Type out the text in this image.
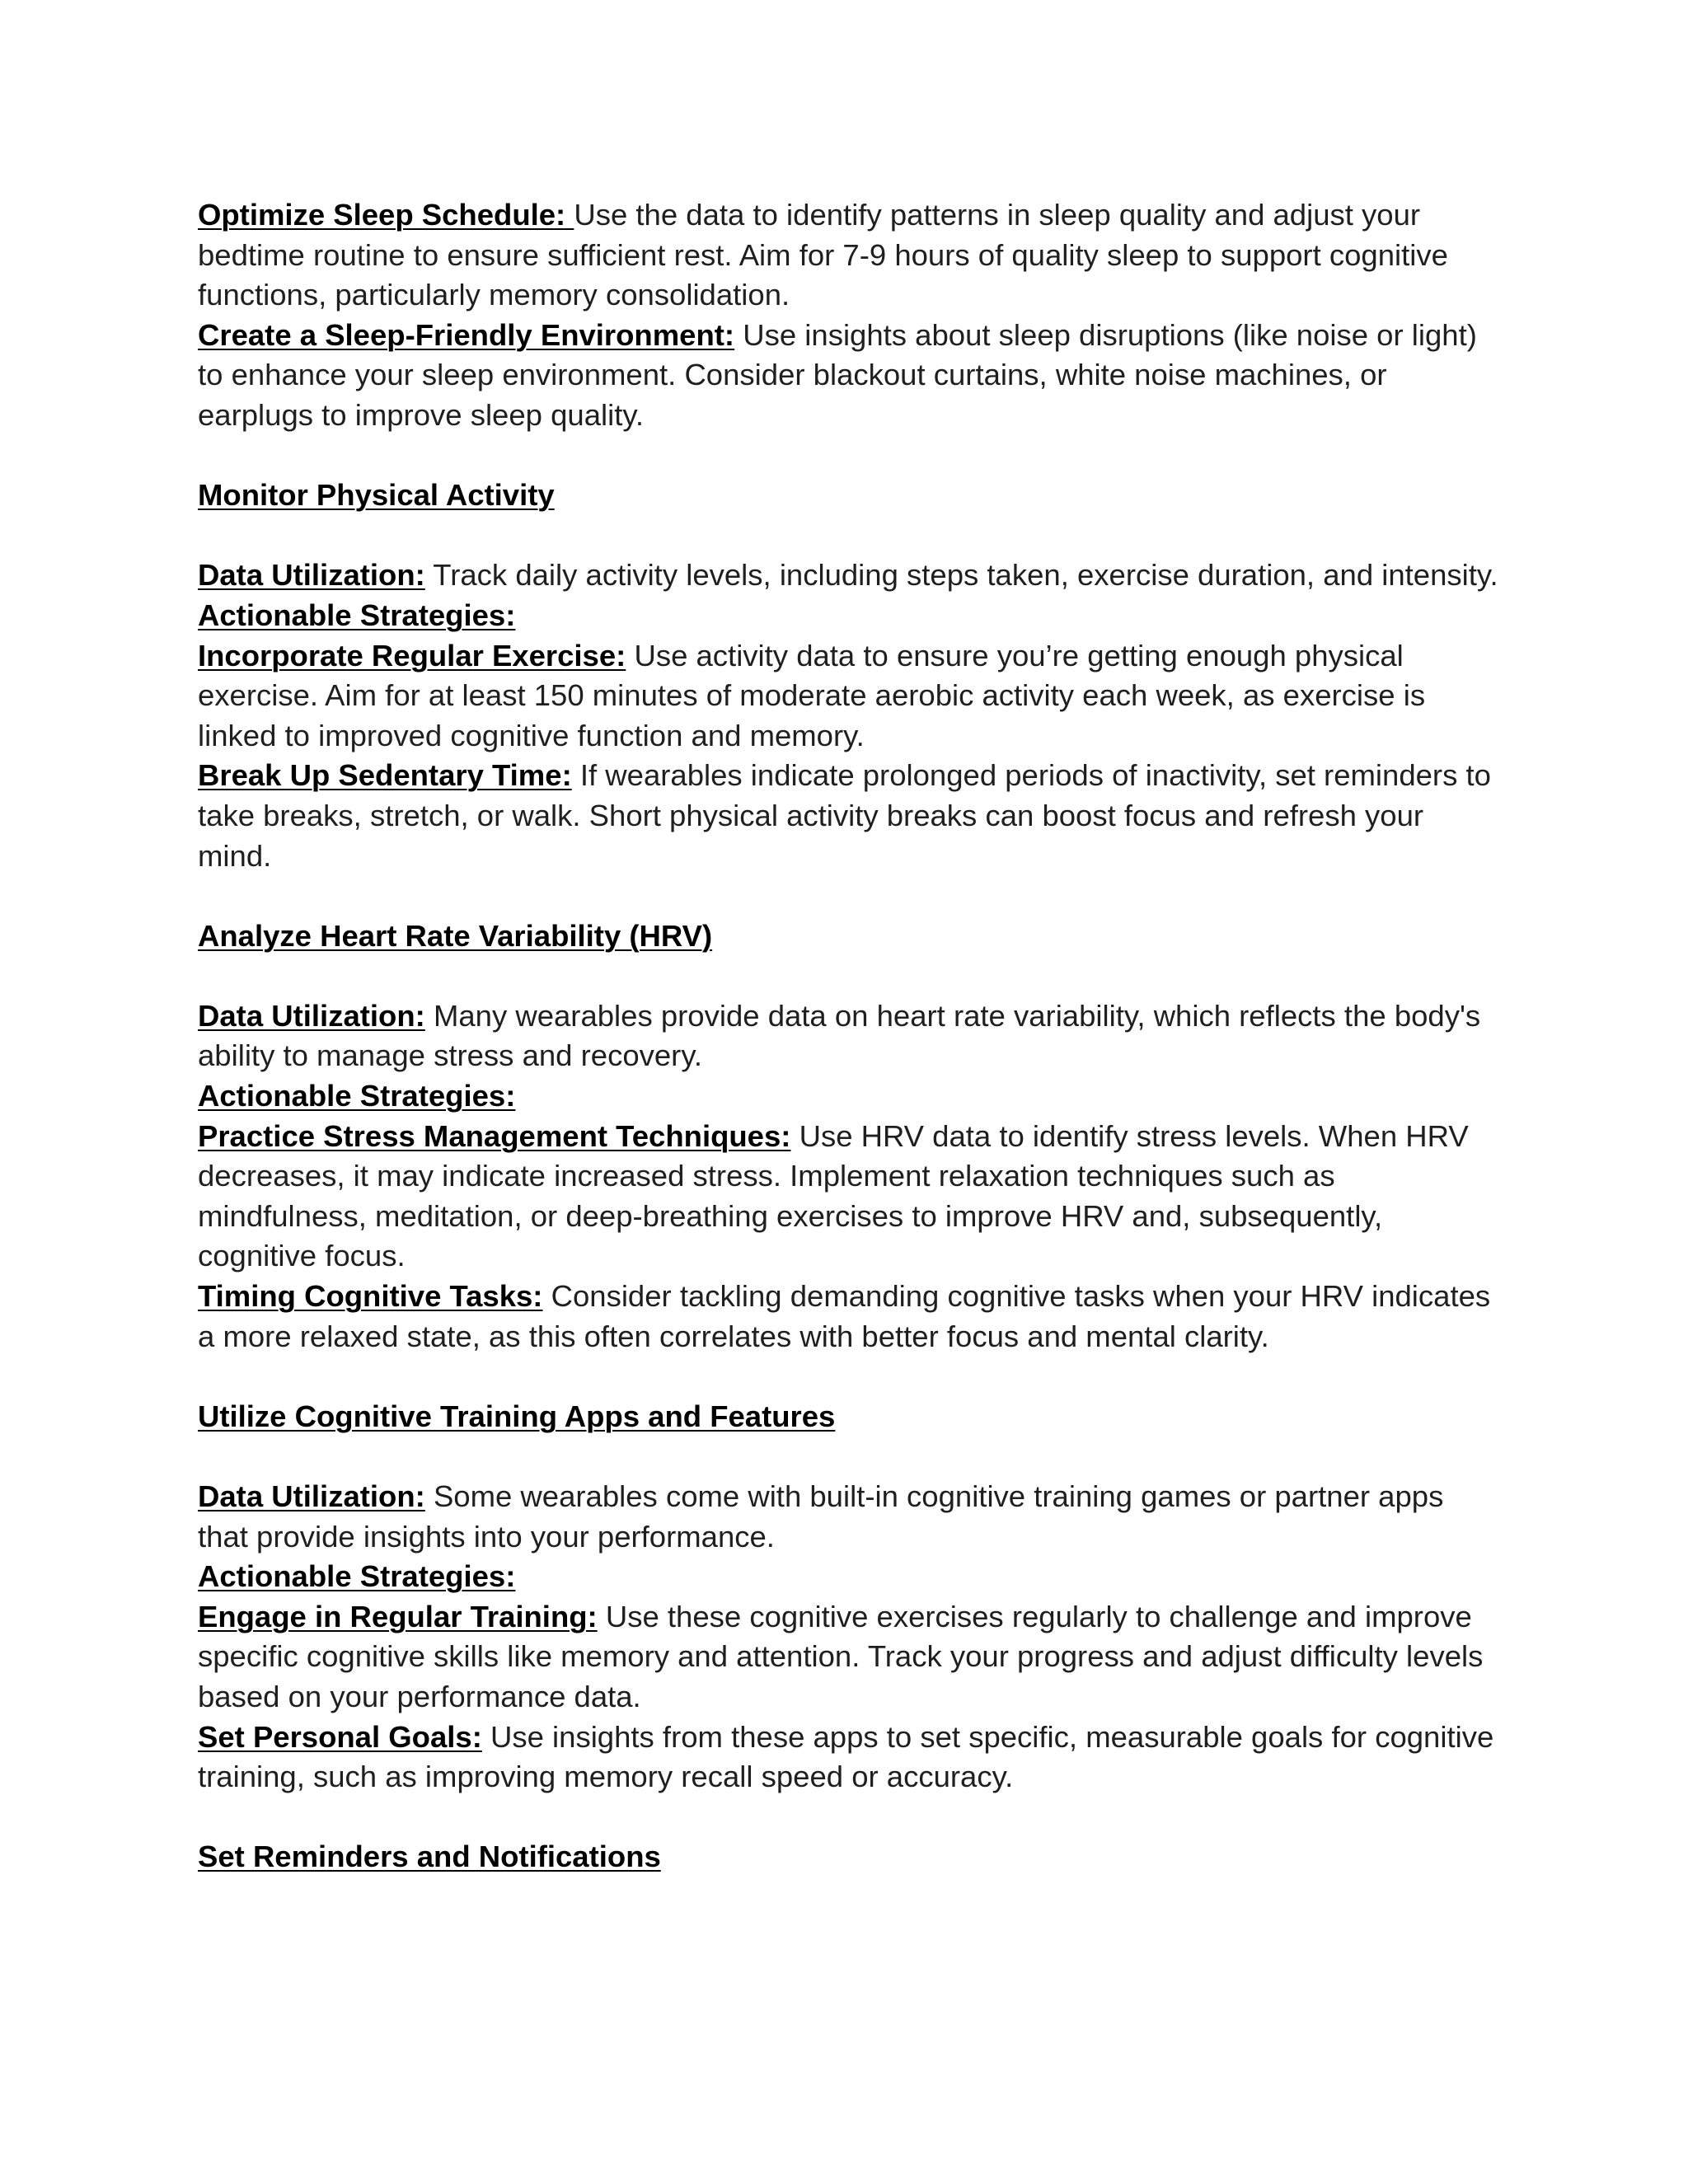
Optimize Sleep Schedule: Use the data to identify patterns in sleep quality and adjust your bedtime routine to ensure sufficient rest. Aim for 7-9 hours of quality sleep to support cognitive functions, particularly memory consolidation.

Create a Sleep-Friendly Environment: Use insights about sleep disruptions (like noise or light) to enhance your sleep environment. Consider blackout curtains, white noise machines, or earplugs to improve sleep quality.

Monitor Physical Activity

Data Utilization: Track daily activity levels, including steps taken, exercise duration, and intensity.

Actionable Strategies:

Incorporate Regular Exercise: Use activity data to ensure you’re getting enough physical exercise. Aim for at least 150 minutes of moderate aerobic activity each week, as exercise is linked to improved cognitive function and memory.

Break Up Sedentary Time: If wearables indicate prolonged periods of inactivity, set reminders to take breaks, stretch, or walk. Short physical activity breaks can boost focus and refresh your mind.

Analyze Heart Rate Variability (HRV)

Data Utilization: Many wearables provide data on heart rate variability, which reflects the body's ability to manage stress and recovery.

Actionable Strategies:

Practice Stress Management Techniques: Use HRV data to identify stress levels. When HRV decreases, it may indicate increased stress. Implement relaxation techniques such as mindfulness, meditation, or deep-breathing exercises to improve HRV and, subsequently, cognitive focus.

Timing Cognitive Tasks: Consider tackling demanding cognitive tasks when your HRV indicates a more relaxed state, as this often correlates with better focus and mental clarity.

Utilize Cognitive Training Apps and Features

Data Utilization: Some wearables come with built-in cognitive training games or partner apps that provide insights into your performance.

Actionable Strategies:

Engage in Regular Training: Use these cognitive exercises regularly to challenge and improve specific cognitive skills like memory and attention. Track your progress and adjust difficulty levels based on your performance data.

Set Personal Goals: Use insights from these apps to set specific, measurable goals for cognitive training, such as improving memory recall speed or accuracy.

Set Reminders and Notifications
